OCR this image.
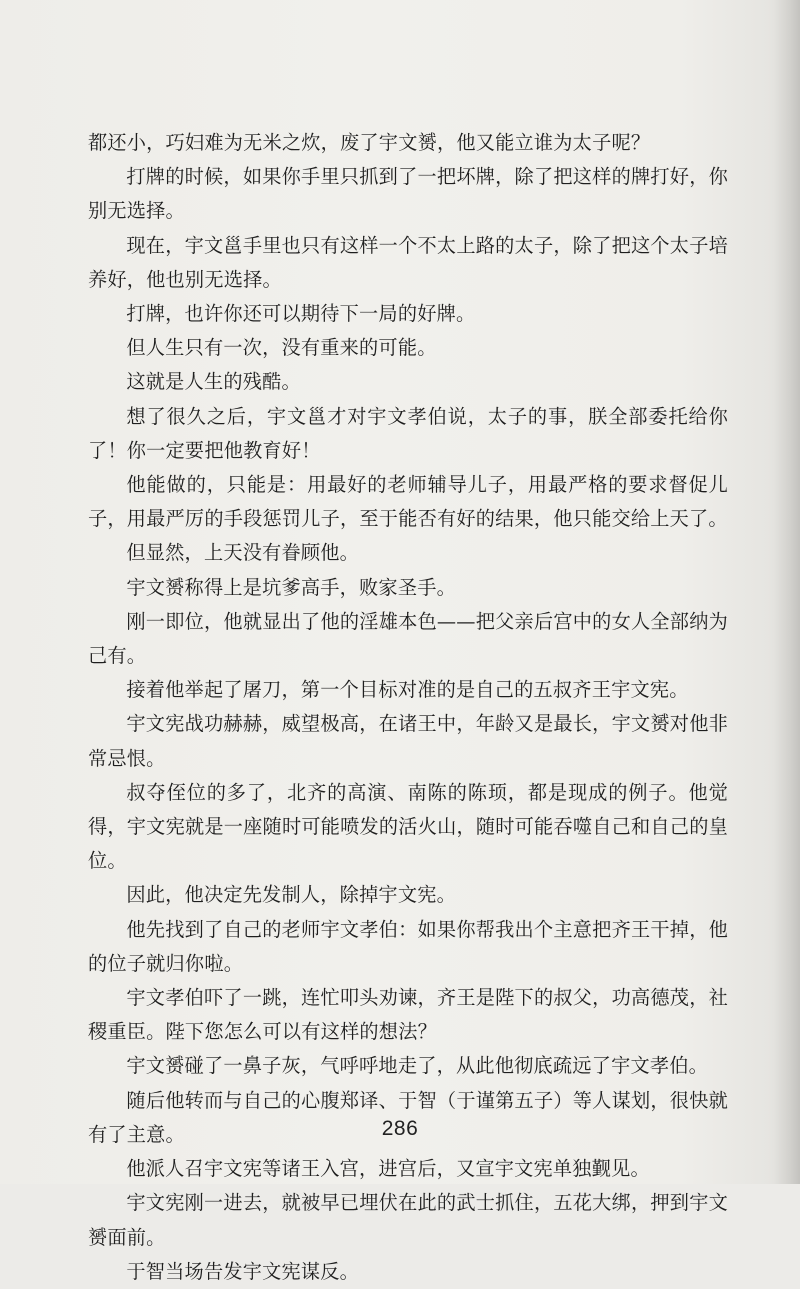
都还小，巧妇难为无米之炊，废了宇文赟，他又能立谁为太子呢？

打牌的时候，如果你手里只抓到了一把坏牌，除了把这样的牌打好，你别无选择。

现在，宇文邕手里也只有这样一个不太上路的太子，除了把这个太子培养好，他也别无选择。

打牌，也许你还可以期待下一局的好牌。

但人生只有一次，没有重来的可能。

这就是人生的残酷。

想了很久之后，宇文邕才对宇文孝伯说，太子的事，朕全部委托给你了！你一定要把他教育好！

他能做的，只能是：用最好的老师辅导儿子，用最严格的要求督促儿子，用最严厉的手段惩罚儿子，至于能否有好的结果，他只能交给上天了。

但显然，上天没有眷顾他。

宇文赟称得上是坑爹高手，败家圣手。

刚一即位，他就显出了他的淫雄本色——把父亲后宫中的女人全部纳为己有。

接着他举起了屠刀，第一个目标对准的是自己的五叔齐王宇文宪。

宇文宪战功赫赫，威望极高，在诸王中，年龄又是最长，宇文赟对他非常忌恨。

叔夺侄位的多了，北齐的高演、南陈的陈顼，都是现成的例子。他觉得，宇文宪就是一座随时可能喷发的活火山，随时可能吞噬自己和自己的皇位。

因此，他决定先发制人，除掉宇文宪。

他先找到了自己的老师宇文孝伯：如果你帮我出个主意把齐王干掉，他的位子就归你啦。

宇文孝伯吓了一跳，连忙叩头劝谏，齐王是陛下的叔父，功高德茂，社稷重臣。陛下您怎么可以有这样的想法？

宇文赟碰了一鼻子灰，气呼呼地走了，从此他彻底疏远了宇文孝伯。

随后他转而与自己的心腹郑译、于智（于谨第五子）等人谋划，很快就有了主意。

他派人召宇文宪等诸王入宫，进宫后，又宣宇文宪单独觐见。

宇文宪刚一进去，就被早已埋伏在此的武士抓住，五花大绑，押到宇文赟面前。

于智当场告发宇文宪谋反。

286
